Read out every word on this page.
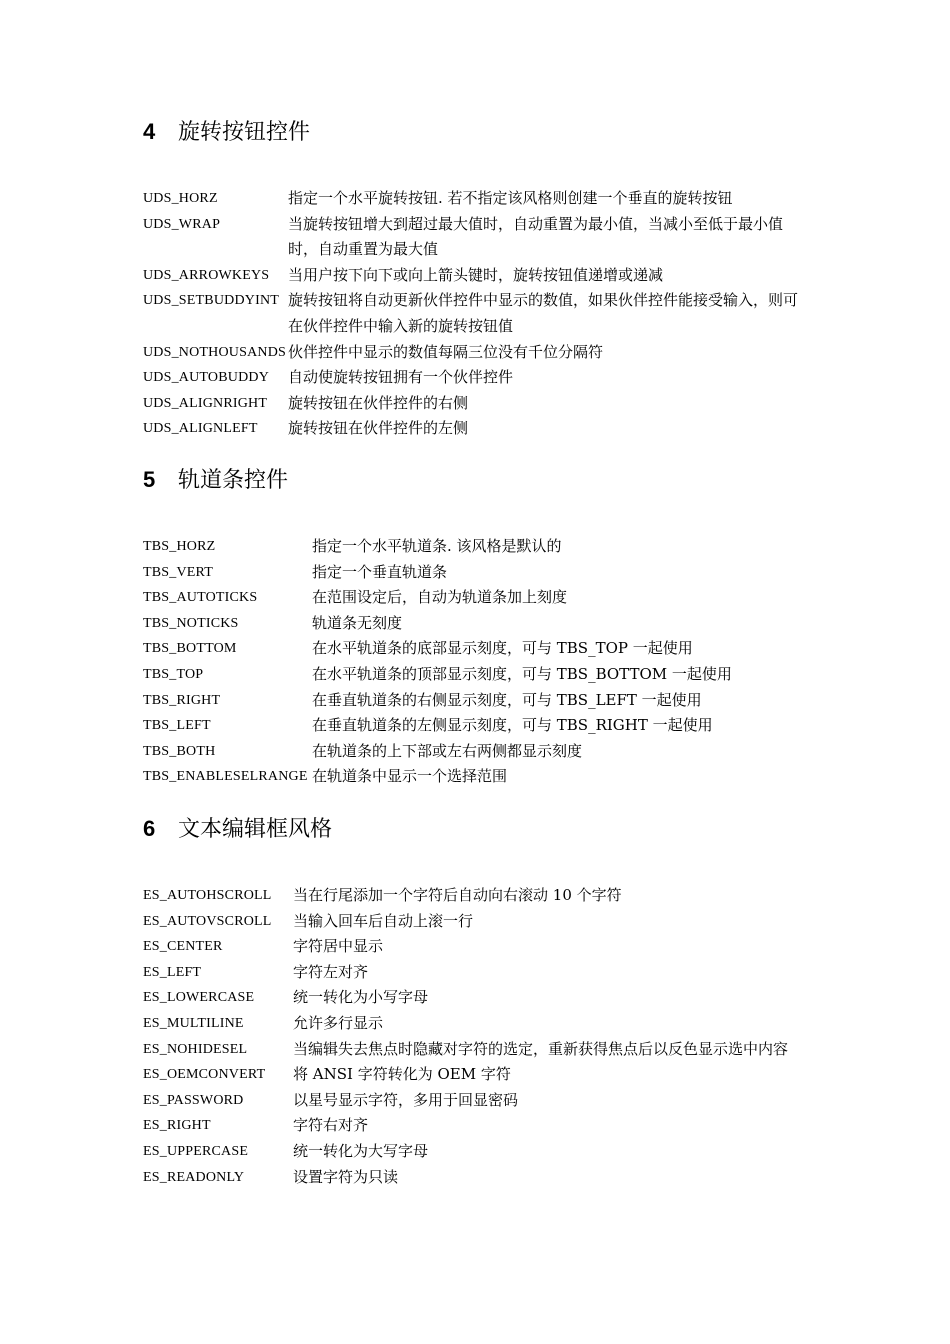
4 旋转按钮控件
UDS_HORZ	指定一个水平旋转按钮. 若不指定该风格则创建一个垂直的旋转按钮
UDS_WRAP	当旋转按钮增大到超过最大值时，自动重置为最小值，当减小至低于最小值时，自动重置为最大值
UDS_ARROWKEYS	当用户按下向下或向上箭头键时，旋转按钮值递增或递减
UDS_SETBUDDYINT 旋转按钮将自动更新伙伴控件中显示的数值，如果伙伴控件能接受输入，则可在伙伴控件中输入新的旋转按钮值
UDS_NOTHOUSANDS 伙伴控件中显示的数值每隔三位没有千位分隔符
UDS_AUTOBUDDY	自动使旋转按钮拥有一个伙伴控件
UDS_ALIGNRIGHT	旋转按钮在伙伴控件的右侧
UDS_ALIGNLEFT	旋转按钮在伙伴控件的左侧
5 轨道条控件
TBS_HORZ	指定一个水平轨道条. 该风格是默认的
TBS_VERT	指定一个垂直轨道条
TBS_AUTOTICKS	在范围设定后，自动为轨道条加上刻度
TBS_NOTICKS	轨道条无刻度
TBS_BOTTOM	在水平轨道条的底部显示刻度，可与 TBS_TOP 一起使用
TBS_TOP	在水平轨道条的顶部显示刻度，可与 TBS_BOTTOM 一起使用
TBS_RIGHT	在垂直轨道条的右侧显示刻度，可与 TBS_LEFT 一起使用
TBS_LEFT	在垂直轨道条的左侧显示刻度，可与 TBS_RIGHT 一起使用
TBS_BOTH	在轨道条的上下部或左右两侧都显示刻度
TBS_ENABLESELRANGE 在轨道条中显示一个选择范围
6 文本编辑框风格
ES_AUTOHSCROLL	当在行尾添加一个字符后自动向右滚动 10 个字符
ES_AUTOVSCROLL	当输入回车后自动上滚一行
ES_CENTER	字符居中显示
ES_LEFT	字符左对齐
ES_LOWERCASE	统一转化为小写字母
ES_MULTILINE	允许多行显示
ES_NOHIDESEL	当编辑失去焦点时隐藏对字符的选定，重新获得焦点后以反色显示选中内容
ES_OEMCONVERT	将 ANSI 字符转化为 OEM 字符
ES_PASSWORD	以星号显示字符，多用于回显密码
ES_RIGHT	字符右对齐
ES_UPPERCASE	统一转化为大写字母
ES_READONLY	设置字符为只读
